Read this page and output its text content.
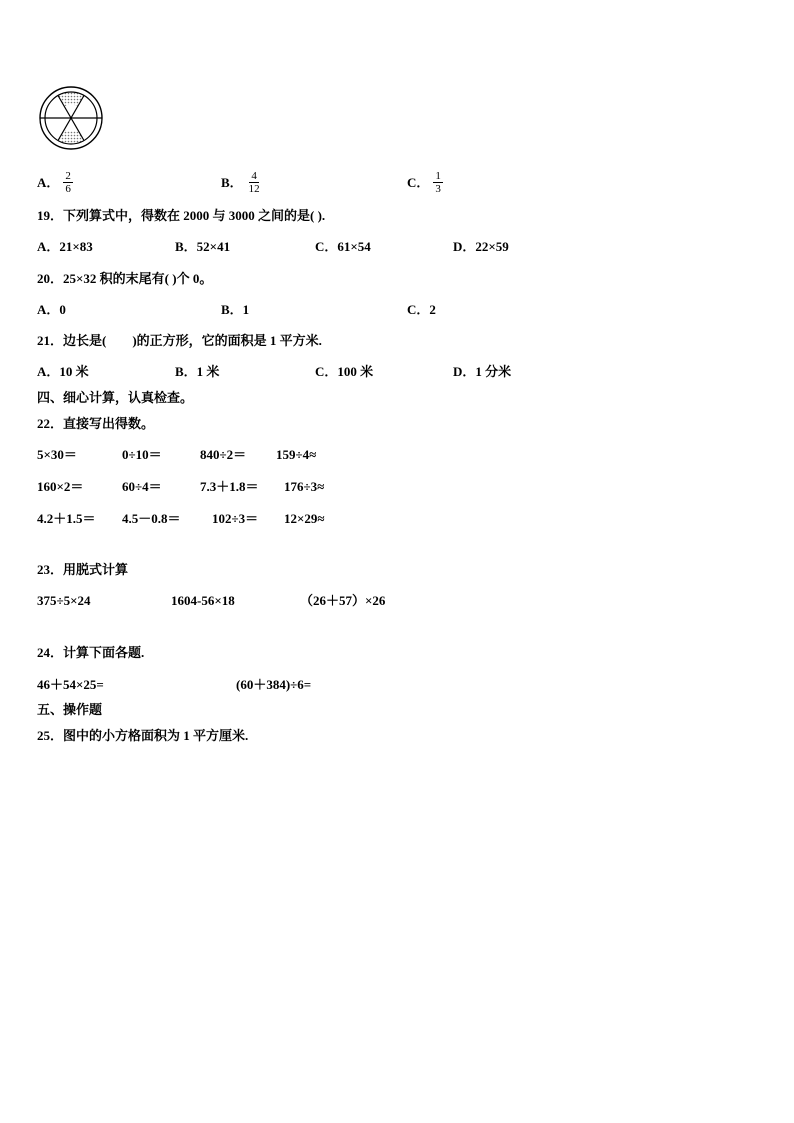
A． $\frac{2}{6}$	B． $\frac{4}{12}$	C． $\frac{1}{3}$
19．下列算式中，得数在 2000 与 3000 之间的是( ).
A．21×83	B．52×41	C．61×54	D．22×59
20．25×32 积的末尾有( )个 0。
A．0	B．1	C．2
21．边长是(　　)的正方形，它的面积是 1 平方米.
A．10 米	B．1 米	C．100 米	D．1 分米
四、细心计算，认真检查。
22．直接写出得数。
5×30＝	0÷10＝	840÷2＝ 159÷4≈
160×2＝	60÷4＝	7.3＋1.8＝ 176÷3≈
4.2＋1.5＝ 4.5－0.8＝ 102÷3＝ 12×29≈
23．用脱式计算
375÷5×24	1604-56×18	（26＋57）×26
24．计算下面各题.
46＋54×25=	(60＋384)÷6=
五、操作题
25．图中的小方格面积为 1 平方厘米.
